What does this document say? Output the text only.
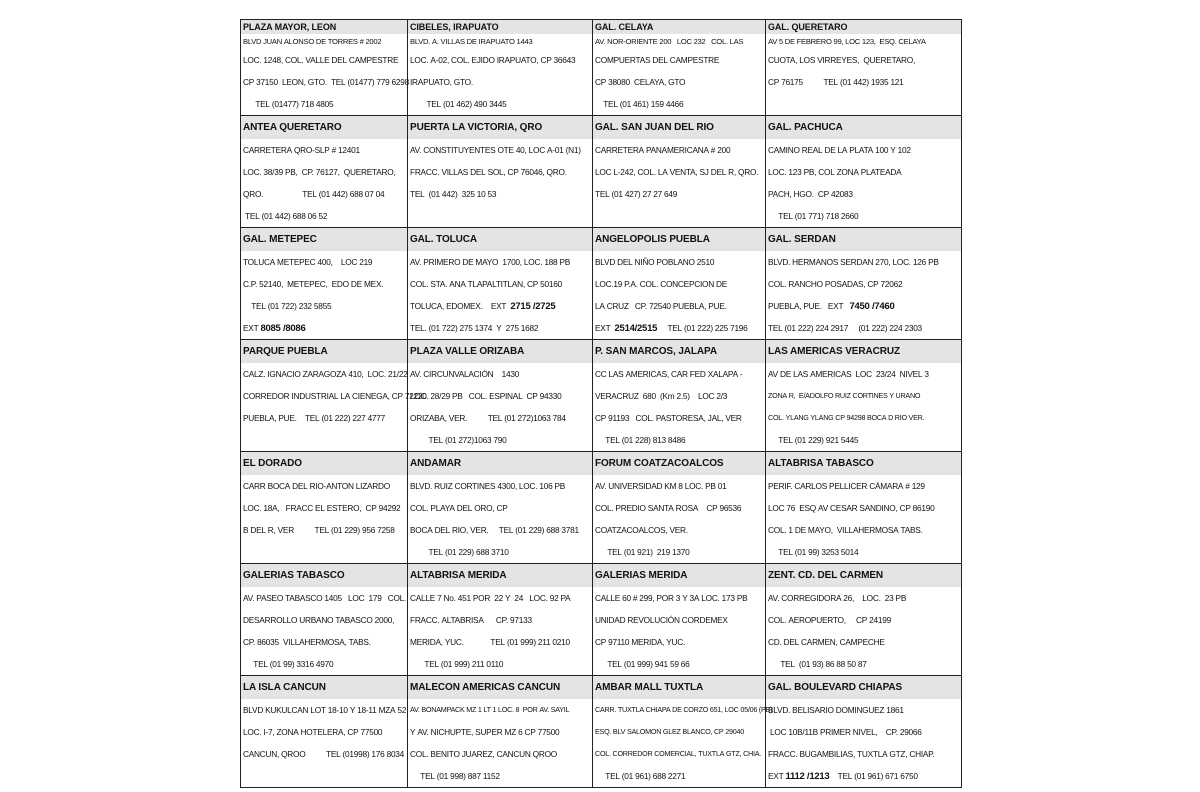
PLAZA MAYOR, LEON
BLVD JUAN ALONSO DE TORRES # 2002
LOC. 1248, COL. VALLE DEL CAMPESTRE
CP 37150  LEON, GTO.  TEL (01477) 779 6298
TEL (01477) 718 4805
CIBELES, IRAPUATO
BLVD. A. VILLAS DE IRAPUATO 1443
LOC. A-02, COL. EJIDO IRAPUATO, CP 36643
IRAPUATO, GTO.
TEL (01 462) 490 3445
GAL. CELAYA
AV. NOR-ORIENTE 200   LOC 232   COL. LAS
COMPUERTAS DEL CAMPESTRE
CP 38080  CELAYA, GTO
TEL (01 461) 159 4466
GAL. QUERETARO
AV 5 DE FEBRERO 99, LOC 123,  ESQ. CELAYA
CUOTA, LOS VIRREYES,  QUERETARO,
CP 76175          TEL (01 442) 1935 121
ANTEA QUERETARO
CARRETERA QRO-SLP # 12401
LOC. 38/39 PB,  CP. 76127,  QUERETARO,
QRO.                   TEL (01 442) 688 07 04
TEL (01 442) 688 06 52
PUERTA LA VICTORIA, QRO
AV. CONSTITUYENTES OTE 40, LOC A-01 (N1)
FRACC. VILLAS DEL SOL, CP 76046, QRO.
TEL  (01 442)  325 10 53
GAL. SAN JUAN DEL RIO
CARRETERA PANAMERICANA # 200
LOC L-242, COL. LA VENTA, SJ DEL R, QRO.
TEL (01 427) 27 27 649
GAL. PACHUCA
CAMINO REAL DE LA PLATA 100 Y 102
LOC. 123 PB, COL ZONA PLATEADA
PACH, HGO.  CP 42083
TEL (01 771) 718 2660
GAL. METEPEC
TOLUCA METEPEC 400,    LOC 219
C.P. 52140,  METEPEC,  EDO DE MEX.
TEL (01 722) 232 5855
EXT 8085 /8086
GAL. TOLUCA
AV. PRIMERO DE MAYO  1700, LOC. 188 PB
COL. STA. ANA TLAPALTITLAN, CP 50160
TOLUCA, EDOMEX.    EXT  2715 /2725
TEL. (01 722) 275 1374  Y  275 1682
ANGELOPOLIS PUEBLA
BLVD DEL NIÑO POBLANO 2510
LOC.19 P.A. COL. CONCEPCION DE
LA CRUZ   CP. 72540 PUEBLA, PUE.
EXT  2514/2515     TEL (01 222) 225 7196
GAL. SERDAN
BLVD. HERMANOS SERDAN 270, LOC. 126 PB
COL. RANCHO POSADAS, CP 72062
PUEBLA, PUE.   EXT   7450 /7460
TEL (01 222) 224 2917     (01 222) 224 2303
PARQUE PUEBLA
CALZ. IGNACIO ZARAGOZA 410,  LOC. 21/22
CORREDOR INDUSTRIAL LA CIENEGA, CP 72220
PUEBLA, PUE.    TEL (01 222) 227 4777
PLAZA VALLE ORIZABA
AV. CIRCUNVALACIÓN    1430
LOC. 28/29 PB   COL. ESPINAL  CP 94330
ORIZABA, VER.          TEL (01 272)1063 784
TEL (01 272)1063 790
P. SAN MARCOS, JALAPA
CC LAS AMERICAS, CAR FED XALAPA -
VERACRUZ  680  (Km 2.5)    LOC 2/3
CP 91193   COL. PASTORESA, JAL, VER
TEL (01 228) 813 8486
LAS AMERICAS VERACRUZ
AV DE LAS AMERICAS  LOC  23/24  NIVEL 3
ZONA R,  E/ADOLFO RUIZ CORTINES Y URANO
COL. YLANG YLANG CP 94298 BOCA D RIO VER.
TEL (01 229) 921 5445
EL DORADO
CARR BOCA DEL RIO-ANTON LIZARDO
LOC. 18A,   FRACC EL ESTERO,  CP 94292
B DEL R, VER          TEL (01 229) 956 7258
ANDAMAR
BLVD. RUIZ CORTINES 4300, LOC. 106 PB
COL. PLAYA DEL ORO, CP
BOCA DEL RIO, VER.     TEL (01 229) 688 3781
TEL (01 229) 688 3710
FORUM COATZACOALCOS
AV. UNIVERSIDAD KM 8 LOC. PB 01
COL. PREDIO SANTA ROSA    CP 96536
COATZACOALCOS, VER.
TEL (01 921)  219 1370
ALTABRISA TABASCO
PERIF. CARLOS PELLICER CÁMARA # 129
LOC 76  ESQ AV CESAR SANDINO, CP 86190
COL. 1 DE MAYO,  VILLAHERMOSA TABS.
TEL (01 99) 3253 5014
GALERIAS TABASCO
AV. PASEO TABASCO 1405   LOC  179   COL.
DESARROLLO URBANO TABASCO 2000,
CP. 86035  VILLAHERMOSA, TABS.
TEL (01 99) 3316 4970
ALTABRISA MERIDA
CALLE 7 No. 451 POR  22 Y  24   LOC. 92 PA
FRACC. ALTABRISA      CP. 97133
MERIDA, YUC.             TEL (01 999) 211 0210
TEL (01 999) 211 0110
GALERIAS MERIDA
CALLE 60 # 299, POR 3 Y 3A LOC. 173 PB
UNIDAD REVOLUCIÓN CORDEMEX
CP 97110 MERIDA, YUC.
TEL (01 999) 941 59 66
ZENT. CD. DEL CARMEN
AV. CORREGIDORA 26,    LOC.  23 PB
COL. AEROPUERTO,     CP 24199
CD. DEL CARMEN, CAMPECHE
TEL  (01 93) 86 88 50 87
LA ISLA CANCUN
BLVD KUKULCAN LOT 18-10 Y 18-11 MZA 52
LOC. I-7, ZONA HOTELERA, CP 77500
CANCUN, QROO          TEL (01998) 176 8034
MALECON AMERICAS CANCUN
AV. BONAMPACK MZ 1 LT 1 LOC. 8  POR AV. SAYIL
Y AV. NICHUPTE, SUPER MZ 6 CP 77500
COL. BENITO JUAREZ, CANCUN QROO
TEL (01 998) 887 1152
AMBAR MALL TUXTLA
CARR. TUXTLA CHIAPA DE CORZO 651, LOC 05/06 (PB)
ESQ. BLV SALOMON GLEZ BLANCO, CP 29040
COL. CORREDOR COMERCIAL, TUXTLA GTZ, CHIA.
TEL (01 961) 688 2271
GAL. BOULEVARD CHIAPAS
BLVD. BELISARIO DOMINGUEZ 1861
LOC 10B/11B PRIMER NIVEL,    CP. 29066
FRACC. BUGAMBILIAS, TUXTLA GTZ, CHIAP.
EXT 1112 /1213    TEL (01 961) 671 6750
